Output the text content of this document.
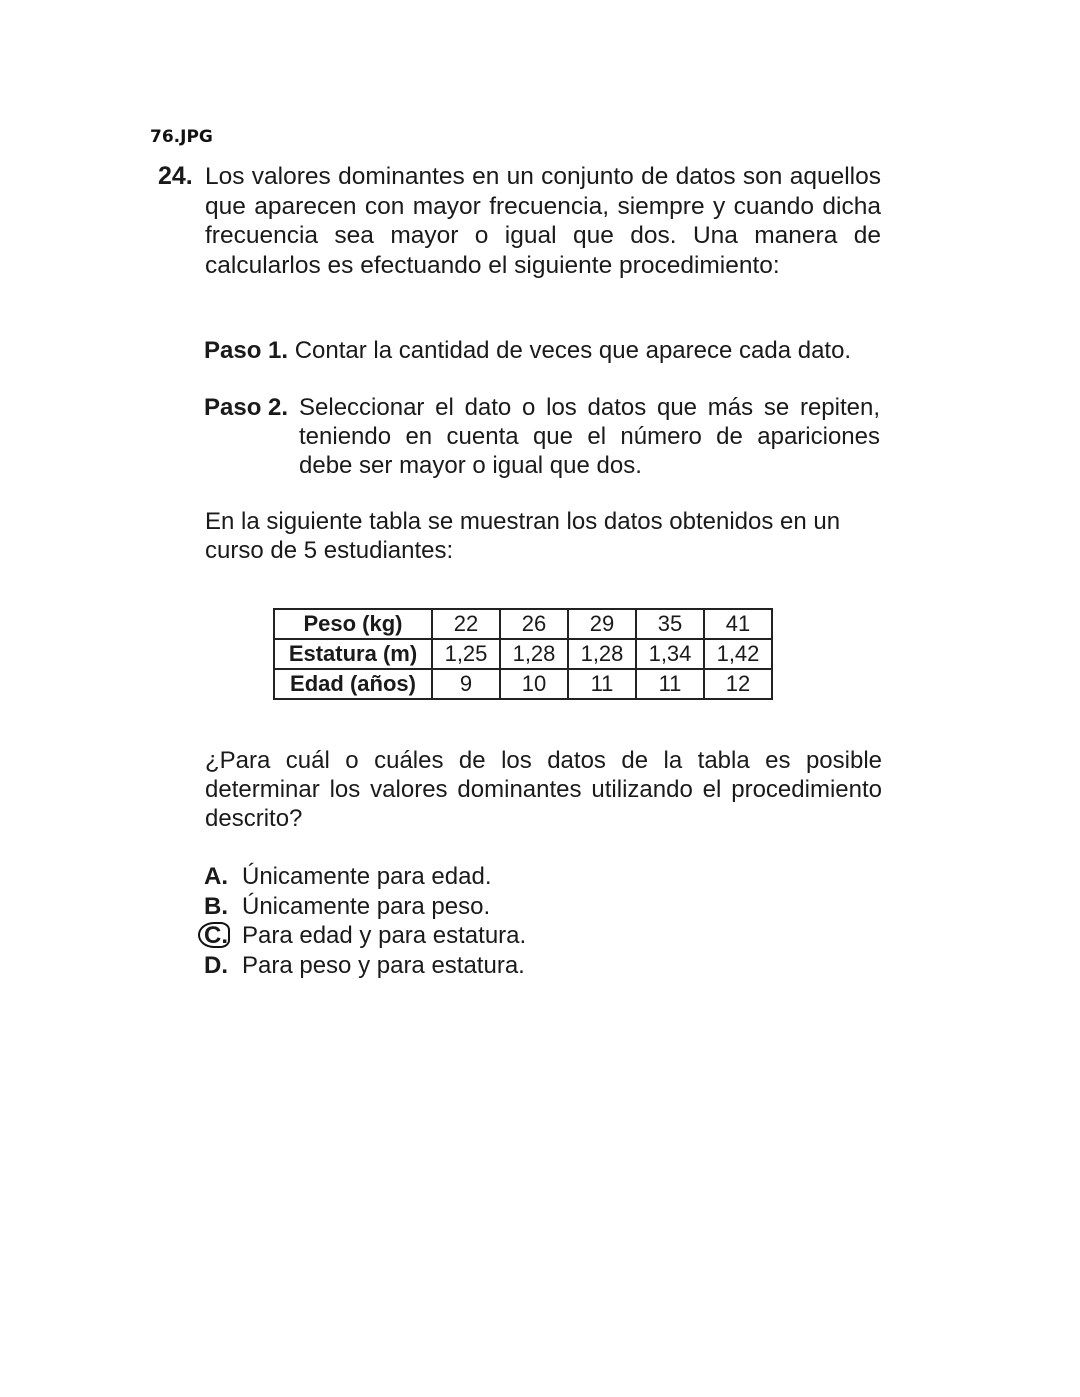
76.JPG
24. Los valores dominantes en un conjunto de datos son aquellos que aparecen con mayor frecuencia, siempre y cuando dicha frecuencia sea mayor o igual que dos. Una manera de calcularlos es efectuando el siguiente procedimiento:
Paso 1. Contar la cantidad de veces que aparece cada dato.
Paso 2. Seleccionar el dato o los datos que más se repiten, teniendo en cuenta que el número de apariciones debe ser mayor o igual que dos.
En la siguiente tabla se muestran los datos obtenidos en un curso de 5 estudiantes:
Peso (kg)	22	26	29	35	41
Estatura (m)	1,25	1,28	1,28	1,34	1,42
Edad (años)	9	10	11	11	12
¿Para cuál o cuáles de los datos de la tabla es posible determinar los valores dominantes utilizando el procedimiento descrito?
A. Únicamente para edad.
B. Únicamente para peso.
C. Para edad y para estatura.
D. Para peso y para estatura.
